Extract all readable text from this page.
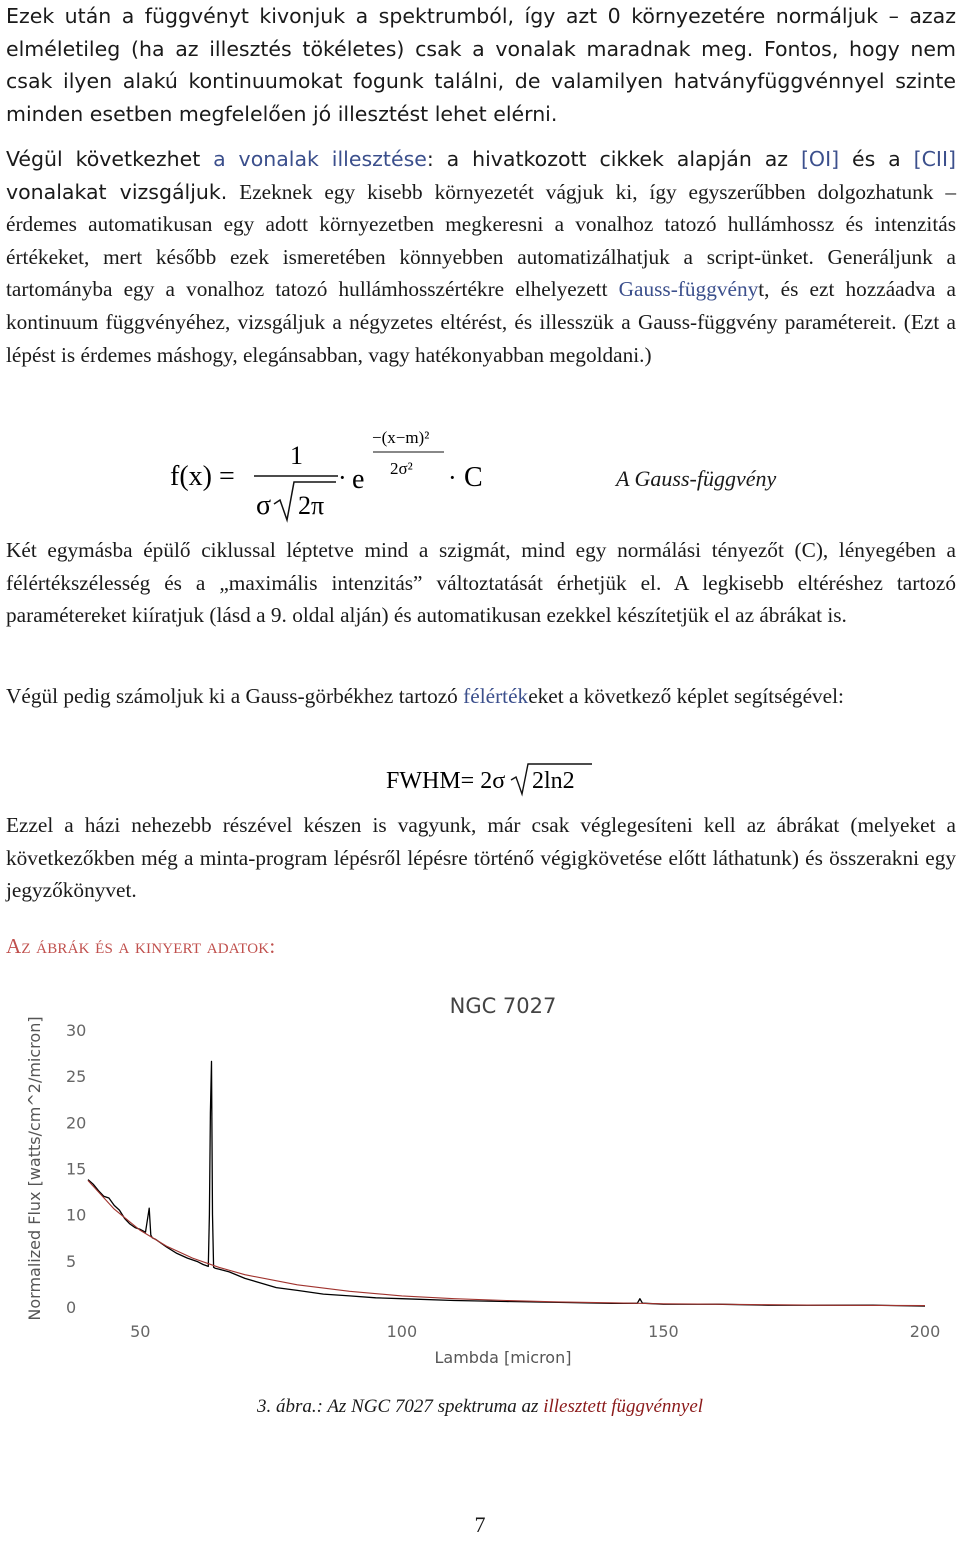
Ezek után a függvényt kivonjuk a spektrumból, így azt 0 környezetére normáljuk – azaz elméletileg (ha az illesztés tökéletes) csak a vonalak maradnak meg. Fontos, hogy nem csak ilyen alakú kontinuumokat fogunk találni, de valamilyen hatványfüggvénnyel szinte minden esetben megfelelően jó illesztést lehet elérni.

Végül következhet a vonalak illesztése: a hivatkozott cikkek alapján az [OI] és a [CII] vonalakat vizsgáljuk. Ezeknek egy kisebb környezetét vágjuk ki, így egyszerűbben dolgozhatunk – érdemes automatikusan egy adott környezetben megkeresni a vonalhoz tatozó hullámhossz és intenzitás értékeket, mert később ezek ismeretében könnyebben automatizálhatjuk a script-ünket. Generáljunk a tartományba egy a vonalhoz tatozó hullámhosszértékre elhelyezett Gauss-függvényt, és ezt hozzáadva a kontinuum függvényéhez, vizsgáljuk a négyzetes eltérést, és illesszük a Gauss-függvény paramétereit. (Ezt a lépést is érdemes máshogy, elegánsabban, vagy hatékonyabban megoldani.)

f(x) =
1
σ 2π
· e
−(x−m)²
2σ² · C	A Gauss-függvény

Két egymásba épülő ciklussal léptetve mind a szigmát, mind egy normálási tényezőt (C), lényegében a félértékszélesség és a „maximális intenzitás” változtatását érhetjük el. A legkisebb eltéréshez tartozó paramétereket kiíratjuk (lásd a 9. oldal alján) és automatikusan ezekkel készítetjük el az ábrákat is.

Végül pedig számoljuk ki a Gauss-görbékhez tartozó félértékeket a következő képlet segítségével:

FWHM= 2σ 2ln2

Ezzel a házi nehezebb részével készen is vagyunk, már csak véglegesíteni kell az ábrákat (melyeket a következőkben még a minta-program lépésről lépésre történő végigkövetése előtt láthatunk) és összerakni egy jegyzőkönyvet.

Az ábrák és a kinyert adatok:
NGC 7027
Normalized Flux [watts/cm^2/micron]
Lambda [micron]
50	100	150	200
0
5
10
15
20
25
30
3. ábra.: Az NGC 7027 spektruma az illesztett függvénnyel
7
